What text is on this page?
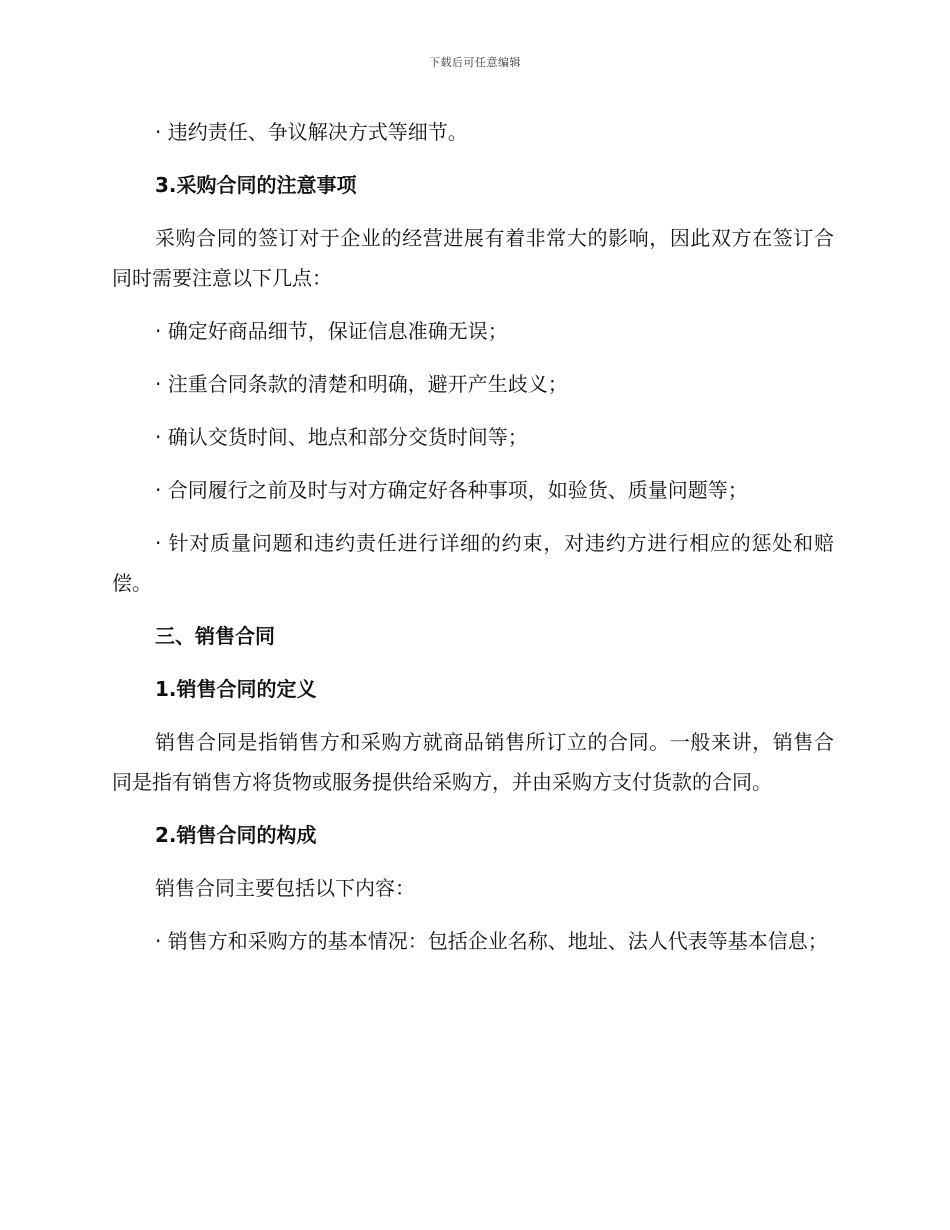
下载后可任意编辑

· 违约责任、争议解决方式等细节。

3.采购合同的注意事项

采购合同的签订对于企业的经营进展有着非常大的影响，因此双方在签订合同时需要注意以下几点：

· 确定好商品细节，保证信息准确无误；

· 注重合同条款的清楚和明确，避开产生歧义；

· 确认交货时间、地点和部分交货时间等；

· 合同履行之前及时与对方确定好各种事项，如验货、质量问题等；

· 针对质量问题和违约责任进行详细的约束，对违约方进行相应的惩处和赔偿。

三、销售合同

1.销售合同的定义

销售合同是指销售方和采购方就商品销售所订立的合同。一般来讲，销售合同是指有销售方将货物或服务提供给采购方，并由采购方支付货款的合同。

2.销售合同的构成

销售合同主要包括以下内容：

· 销售方和采购方的基本情况：包括企业名称、地址、法人代表等基本信息；
